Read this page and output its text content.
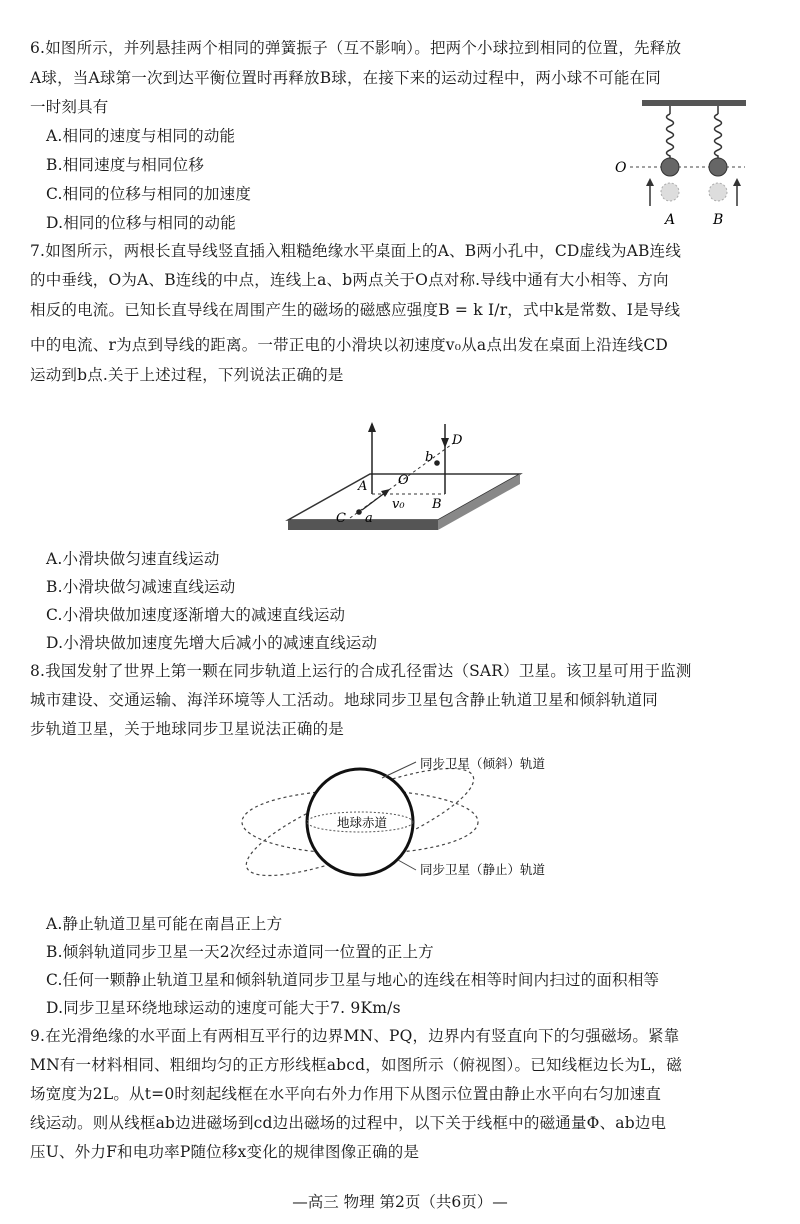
6.如图所示，并列悬挂两个相同的弹簧振子（互不影响）。把两个小球拉到相同的位置，先释放
A球，当A球第一次到达平衡位置时再释放B球，在接下来的运动过程中，两小球不可能在同
一时刻具有
A.相同的速度与相同的动能
B.相同速度与相同位移
C.相同的位移与相同的加速度
D.相同的位移与相同的动能
O
A	B
7.如图所示，两根长直导线竖直插入粗糙绝缘水平桌面上的A、B两小孔中，CD虚线为AB连线
的中垂线，O为A、B连线的中点，连线上a、b两点关于O点对称.导线中通有大小相等、方向
相反的电流。已知长直导线在周围产生的磁场的磁感应强度B = k I/r，式中k是常数、I是导线
中的电流、r为点到导线的距离。一带正电的小滑块以初速度v₀从a点出发在桌面上沿连线CD
运动到b点.关于上述过程，下列说法正确的是
A
B
C
D
O
a
b
v₀
A.小滑块做匀速直线运动
B.小滑块做匀减速直线运动
C.小滑块做加速度逐渐增大的减速直线运动
D.小滑块做加速度先增大后减小的减速直线运动
8.我国发射了世界上第一颗在同步轨道上运行的合成孔径雷达（SAR）卫星。该卫星可用于监测
城市建设、交通运输、海洋环境等人工活动。地球同步卫星包含静止轨道卫星和倾斜轨道同
步轨道卫星，关于地球同步卫星说法正确的是
地球赤道
同步卫星（倾斜）轨道
同步卫星（静止）轨道
A.静止轨道卫星可能在南昌正上方
B.倾斜轨道同步卫星一天2次经过赤道同一位置的正上方
C.任何一颗静止轨道卫星和倾斜轨道同步卫星与地心的连线在相等时间内扫过的面积相等
D.同步卫星环绕地球运动的速度可能大于7. 9Km/s
9.在光滑绝缘的水平面上有两相互平行的边界MN、PQ，边界内有竖直向下的匀强磁场。紧靠
MN有一材料相同、粗细均匀的正方形线框abcd，如图所示（俯视图）。已知线框边长为L，磁
场宽度为2L。从t=0时刻起线框在水平向右外力作用下从图示位置由静止水平向右匀加速直
线运动。则从线框ab边进磁场到cd边出磁场的过程中，以下关于线框中的磁通量Φ、ab边电
压U、外力F和电功率P随位移x变化的规律图像正确的是
—高三 物理 第2页（共6页）—
